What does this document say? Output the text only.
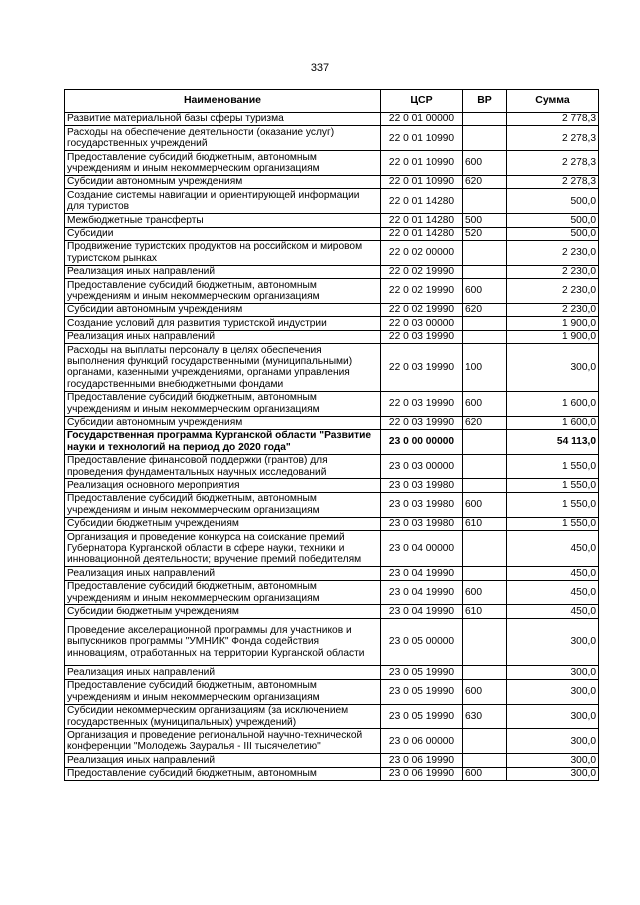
337
Наименование	ЦСР	ВР	Сумма
Развитие материальной базы сферы туризма	22 0 01 00000		2 778,3
Расходы на обеспечение деятельности (оказание услуг) государственных учреждений	22 0 01 10990		2 278,3
Предоставление субсидий бюджетным, автономным учреждениям и иным некоммерческим организациям	22 0 01 10990	600	2 278,3
Субсидии автономным учреждениям	22 0 01 10990	620	2 278,3
Создание системы навигации и ориентирующей информации для туристов	22 0 01 14280		500,0
Межбюджетные трансферты	22 0 01 14280	500	500,0
Субсидии	22 0 01 14280	520	500,0
Продвижение туристских продуктов на российском и мировом туристском рынках	22 0 02 00000		2 230,0
Реализация иных направлений	22 0 02 19990		2 230,0
Предоставление субсидий бюджетным, автономным учреждениям и иным некоммерческим организациям	22 0 02 19990	600	2 230,0
Субсидии автономным учреждениям	22 0 02 19990	620	2 230,0
Создание условий для развития туристской индустрии	22 0 03 00000		1 900,0
Реализация иных направлений	22 0 03 19990		1 900,0
Расходы на выплаты персоналу в целях обеспечения выполнения функций государственными (муниципальными) органами, казенными учреждениями, органами управления государственными внебюджетными фондами	22 0 03 19990	100	300,0
Предоставление субсидий бюджетным, автономным учреждениям и иным некоммерческим организациям	22 0 03 19990	600	1 600,0
Субсидии автономным учреждениям	22 0 03 19990	620	1 600,0
Государственная программа Курганской области "Развитие науки и технологий на период до 2020 года"	23 0 00 00000		54 113,0
Предоставление финансовой поддержки (грантов) для проведения фундаментальных научных исследований	23 0 03 00000		1 550,0
Реализация основного мероприятия	23 0 03 19980		1 550,0
Предоставление субсидий бюджетным, автономным учреждениям и иным некоммерческим организациям	23 0 03 19980	600	1 550,0
Субсидии бюджетным учреждениям	23 0 03 19980	610	1 550,0
Организация и проведение конкурса на соискание премий Губернатора Курганской области в сфере науки, техники и инновационной деятельности; вручение премий победителям	23 0 04 00000		450,0
Реализация иных направлений	23 0 04 19990		450,0
Предоставление субсидий бюджетным, автономным учреждениям и иным некоммерческим организациям	23 0 04 19990	600	450,0
Субсидии бюджетным учреждениям	23 0 04 19990	610	450,0
Проведение акселерационной программы для участников и выпускников программы "УМНИК" Фонда содействия инновациям, отработанных на территории Курганской области	23 0 05 00000		300,0
Реализация иных направлений	23 0 05 19990		300,0
Предоставление субсидий бюджетным, автономным учреждениям и иным некоммерческим организациям	23 0 05 19990	600	300,0
Субсидии некоммерческим организациям (за исключением государственных (муниципальных) учреждений)	23 0 05 19990	630	300,0
Организация и проведение региональной научно-технической конференции "Молодежь Зауралья - III тысячелетию"	23 0 06 00000		300,0
Реализация иных направлений	23 0 06 19990		300,0
Предоставление субсидий бюджетным, автономным	23 0 06 19990	600	300,0
